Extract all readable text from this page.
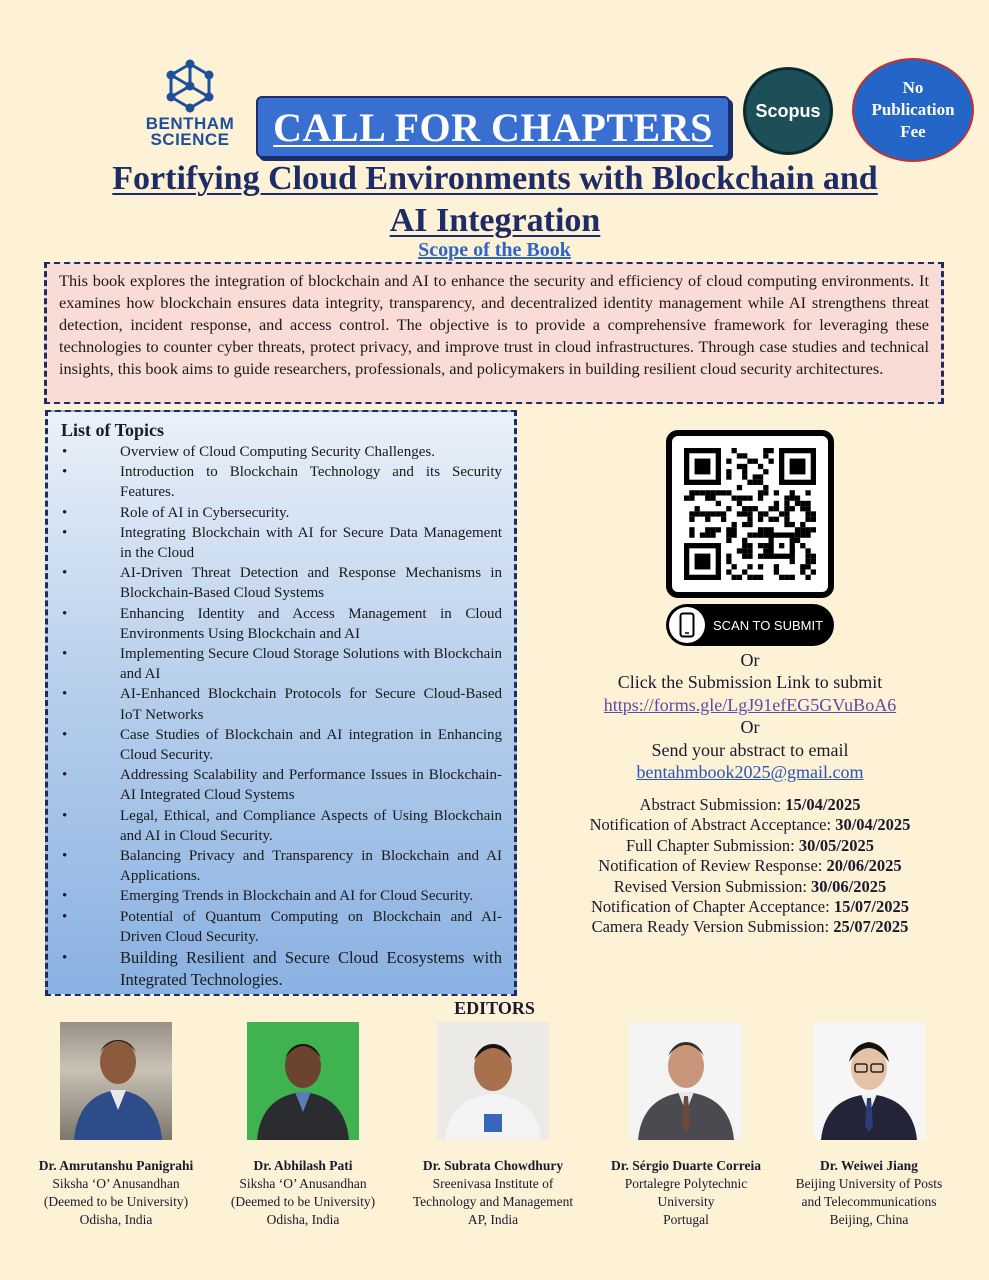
BENTHAM
SCIENCE CALL FOR CHAPTERS	Scopus
No
Publication
Fee
Fortifying Cloud Environments with Blockchain and
AI Integration
Scope of the Book

This book explores the integration of blockchain and AI to enhance the security and efficiency of cloud computing environments. It examines how blockchain ensures data integrity, transparency, and decentralized identity management while AI strengthens threat detection, incident response, and access control. The objective is to provide a comprehensive framework for leveraging these technologies to counter cyber threats, protect privacy, and improve trust in cloud infrastructures. Through case studies and technical insights, this book aims to guide researchers, professionals, and policymakers in building resilient cloud security architectures.

List of Topics
• Overview of Cloud Computing Security Challenges.
• Introduction to Blockchain Technology and its Security Features.
• Role of AI in Cybersecurity.
• Integrating Blockchain with AI for Secure Data Management in the Cloud
• AI-Driven Threat Detection and Response Mechanisms in Blockchain-Based Cloud Systems
• Enhancing Identity and Access Management in Cloud Environments Using Blockchain and AI
• Implementing Secure Cloud Storage Solutions with Blockchain and AI
• AI-Enhanced Blockchain Protocols for Secure Cloud-Based IoT Networks
• Case Studies of Blockchain and AI integration in Enhancing Cloud Security.
• Addressing Scalability and Performance Issues in Blockchain-AI Integrated Cloud Systems
• Legal, Ethical, and Compliance Aspects of Using Blockchain and AI in Cloud Security.
• Balancing Privacy and Transparency in Blockchain and AI Applications.
• Emerging Trends in Blockchain and AI for Cloud Security.
• Potential of Quantum Computing on Blockchain and AI-Driven Cloud Security.
• Building Resilient and Secure Cloud Ecosystems with Integrated Technologies.
SCAN TO SUBMIT
Or
Click the Submission Link to submit
https://forms.gle/LgJ91efEG5GVuBoA6
Or
Send your abstract to email
bentahmbook2025@gmail.com
Abstract Submission: 15/04/2025
Notification of Abstract Acceptance: 30/04/2025
Full Chapter Submission: 30/05/2025
Notification of Review Response: 20/06/2025
Revised Version Submission: 30/06/2025
Notification of Chapter Acceptance: 15/07/2025
Camera Ready Version Submission: 25/07/2025
EDITORS
Dr. Amrutanshu Panigrahi
Siksha ‘O’ Anusandhan
(Deemed to be University)
Odisha, India
Dr. Abhilash Pati
Siksha ‘O’ Anusandhan
(Deemed to be University)
Odisha, India
Dr. Subrata Chowdhury
Sreenivasa Institute of
Technology and Management
AP, India
Dr. Sérgio Duarte Correia
Portalegre Polytechnic
University
Portugal
Dr. Weiwei Jiang
Beijing University of Posts
and Telecommunications
Beijing, China
